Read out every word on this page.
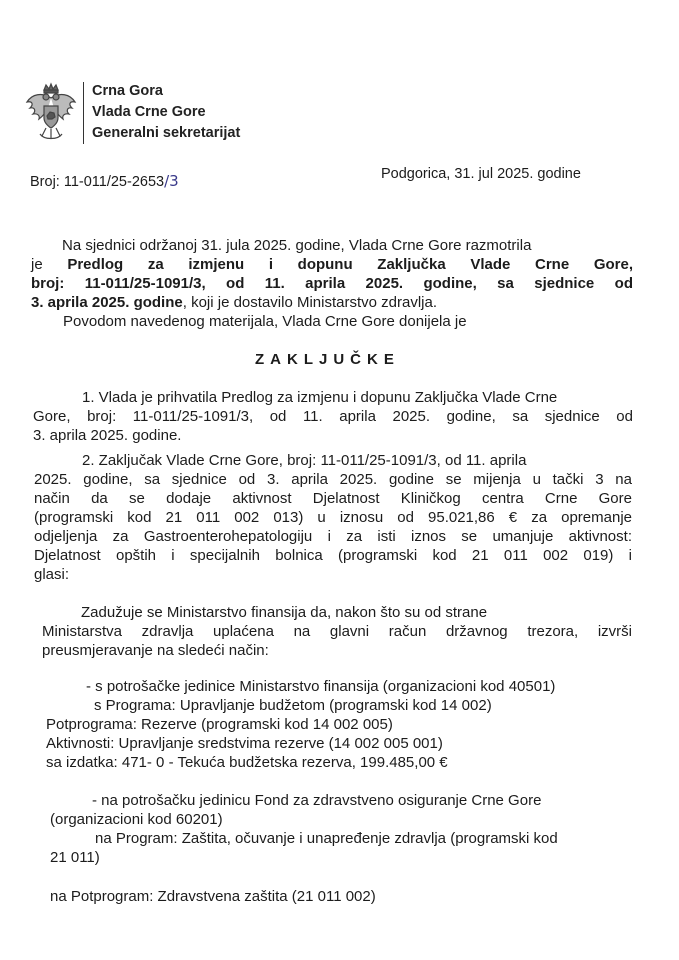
Crna Gora
Vlada Crne Gore
Generalni sekretarijat
Broj: 11-011/25-2653/3	Podgorica, 31. jul 2025. godine
Na sjednici održanoj 31. jula 2025. godine, Vlada Crne Gore razmotrila
je Predlog za izmjenu i dopunu Zaključka Vlade Crne Gore,
broj: 11-011/25-1091/3, od 11. aprila 2025. godine, sa sjednice od
3. aprila 2025. godine, koji je dostavilo Ministarstvo zdravlja.
Povodom navedenog materijala, Vlada Crne Gore donijela je
ZAKLJUČKE
1. Vlada je prihvatila Predlog za izmjenu i dopunu Zaključka Vlade Crne
Gore, broj: 11-011/25-1091/3, od 11. aprila 2025. godine, sa sjednice od
3. aprila 2025. godine.
2. Zaključak Vlade Crne Gore, broj: 11-011/25-1091/3, od 11. aprila
2025. godine, sa sjednice od 3. aprila 2025. godine se mijenja u tački 3 na
način da se dodaje aktivnost Djelatnost Kliničkog centra Crne Gore
(programski kod 21 011 002 013) u iznosu od 95.021,86 € za opremanje
odjeljenja za Gastroenterohepatologiju i za isti iznos se umanjuje aktivnost:
Djelatnost opštih i specijalnih bolnica (programski kod 21 011 002 019) i
glasi:
Zadužuje se Ministarstvo finansija da, nakon što su od strane
Ministarstva zdravlja uplaćena na glavni račun državnog trezora, izvrši
preusmjeravanje na sledeći način:
- s potrošačke jedinice Ministarstvo finansija (organizacioni kod 40501)
s Programa: Upravljanje budžetom (programski kod 14 002)
Potprograma: Rezerve (programski kod 14 002 005)
Aktivnosti: Upravljanje sredstvima rezerve (14 002 005 001)
sa izdatka: 471- 0 - Tekuća budžetska rezerva, 199.485,00 €
- na potrošačku jedinicu Fond za zdravstveno osiguranje Crne Gore
(organizacioni kod 60201)
na Program: Zaštita, očuvanje i unapređenje zdravlja (programski kod
21 011)
na Potprogram: Zdravstvena zaštita (21 011 002)
